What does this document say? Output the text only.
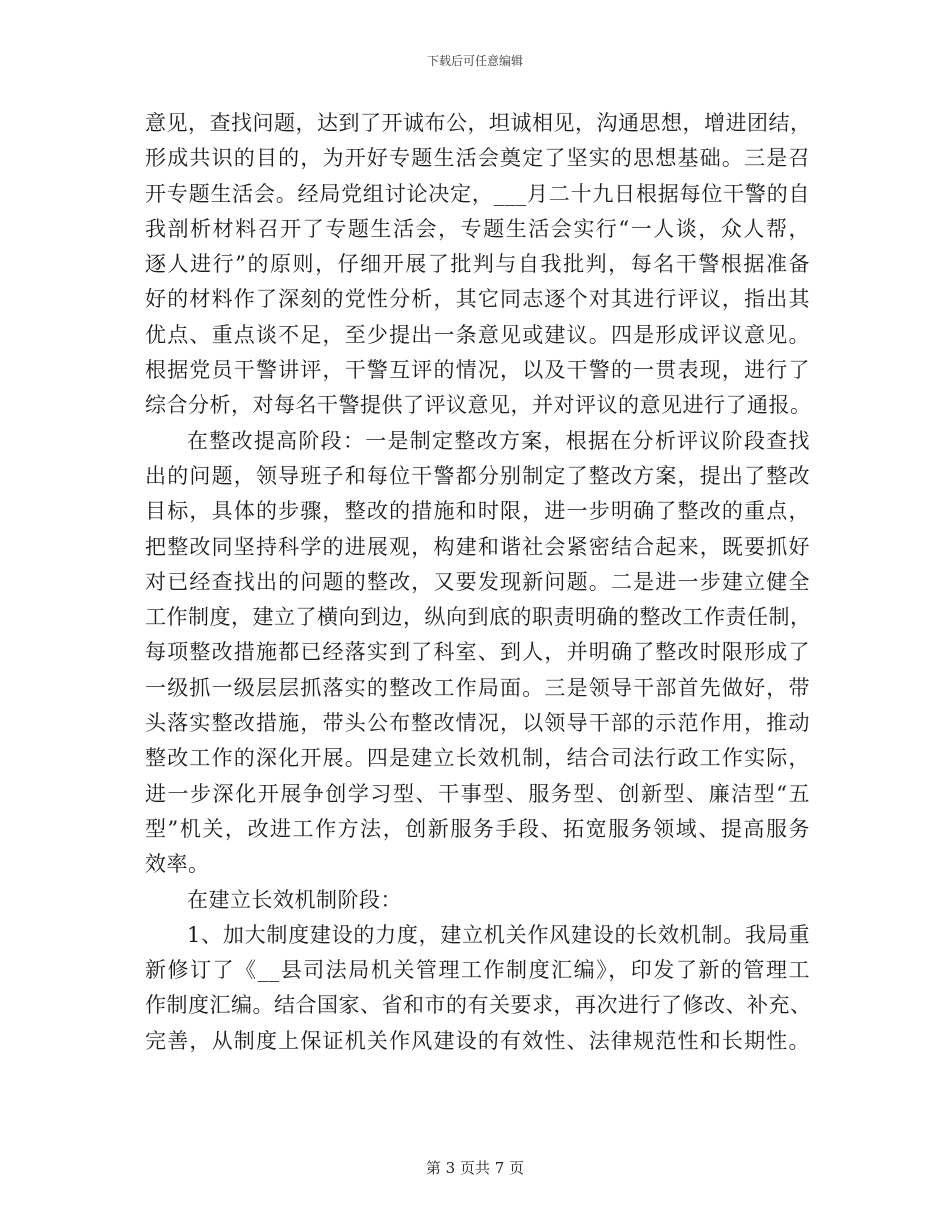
下载后可任意编辑
意见，查找问题，达到了开诚布公，坦诚相见，沟通思想，增进团结，
形成共识的目的，为开好专题生活会奠定了坚实的思想基础。三是召
开专题生活会。经局党组讨论决定，___月二十九日根据每位干警的自
我剖析材料召开了专题生活会，专题生活会实行“一人谈，众人帮，
逐人进行”的原则，仔细开展了批判与自我批判，每名干警根据准备
好的材料作了深刻的党性分析，其它同志逐个对其进行评议，指出其
优点、重点谈不足，至少提出一条意见或建议。四是形成评议意见。
根据党员干警讲评，干警互评的情况，以及干警的一贯表现，进行了
综合分析，对每名干警提供了评议意见，并对评议的意见进行了通报。
在整改提高阶段：一是制定整改方案，根据在分析评议阶段查找
出的问题，领导班子和每位干警都分别制定了整改方案，提出了整改
目标，具体的步骤，整改的措施和时限，进一步明确了整改的重点，
把整改同坚持科学的进展观，构建和谐社会紧密结合起来，既要抓好
对已经查找出的问题的整改，又要发现新问题。二是进一步建立健全
工作制度，建立了横向到边，纵向到底的职责明确的整改工作责任制，
每项整改措施都已经落实到了科室、到人，并明确了整改时限形成了
一级抓一级层层抓落实的整改工作局面。三是领导干部首先做好，带
头落实整改措施，带头公布整改情况，以领导干部的示范作用，推动
整改工作的深化开展。四是建立长效机制，结合司法行政工作实际，
进一步深化开展争创学习型、干事型、服务型、创新型、廉洁型“五
型”机关，改进工作方法，创新服务手段、拓宽服务领域、提高服务
效率。
在建立长效机制阶段：
1、加大制度建设的力度，建立机关作风建设的长效机制。我局重
新修订了《__县司法局机关管理工作制度汇编》，印发了新的管理工
作制度汇编。结合国家、省和市的有关要求，再次进行了修改、补充、
完善，从制度上保证机关作风建设的有效性、法律规范性和长期性。
第 3 页共 7 页
